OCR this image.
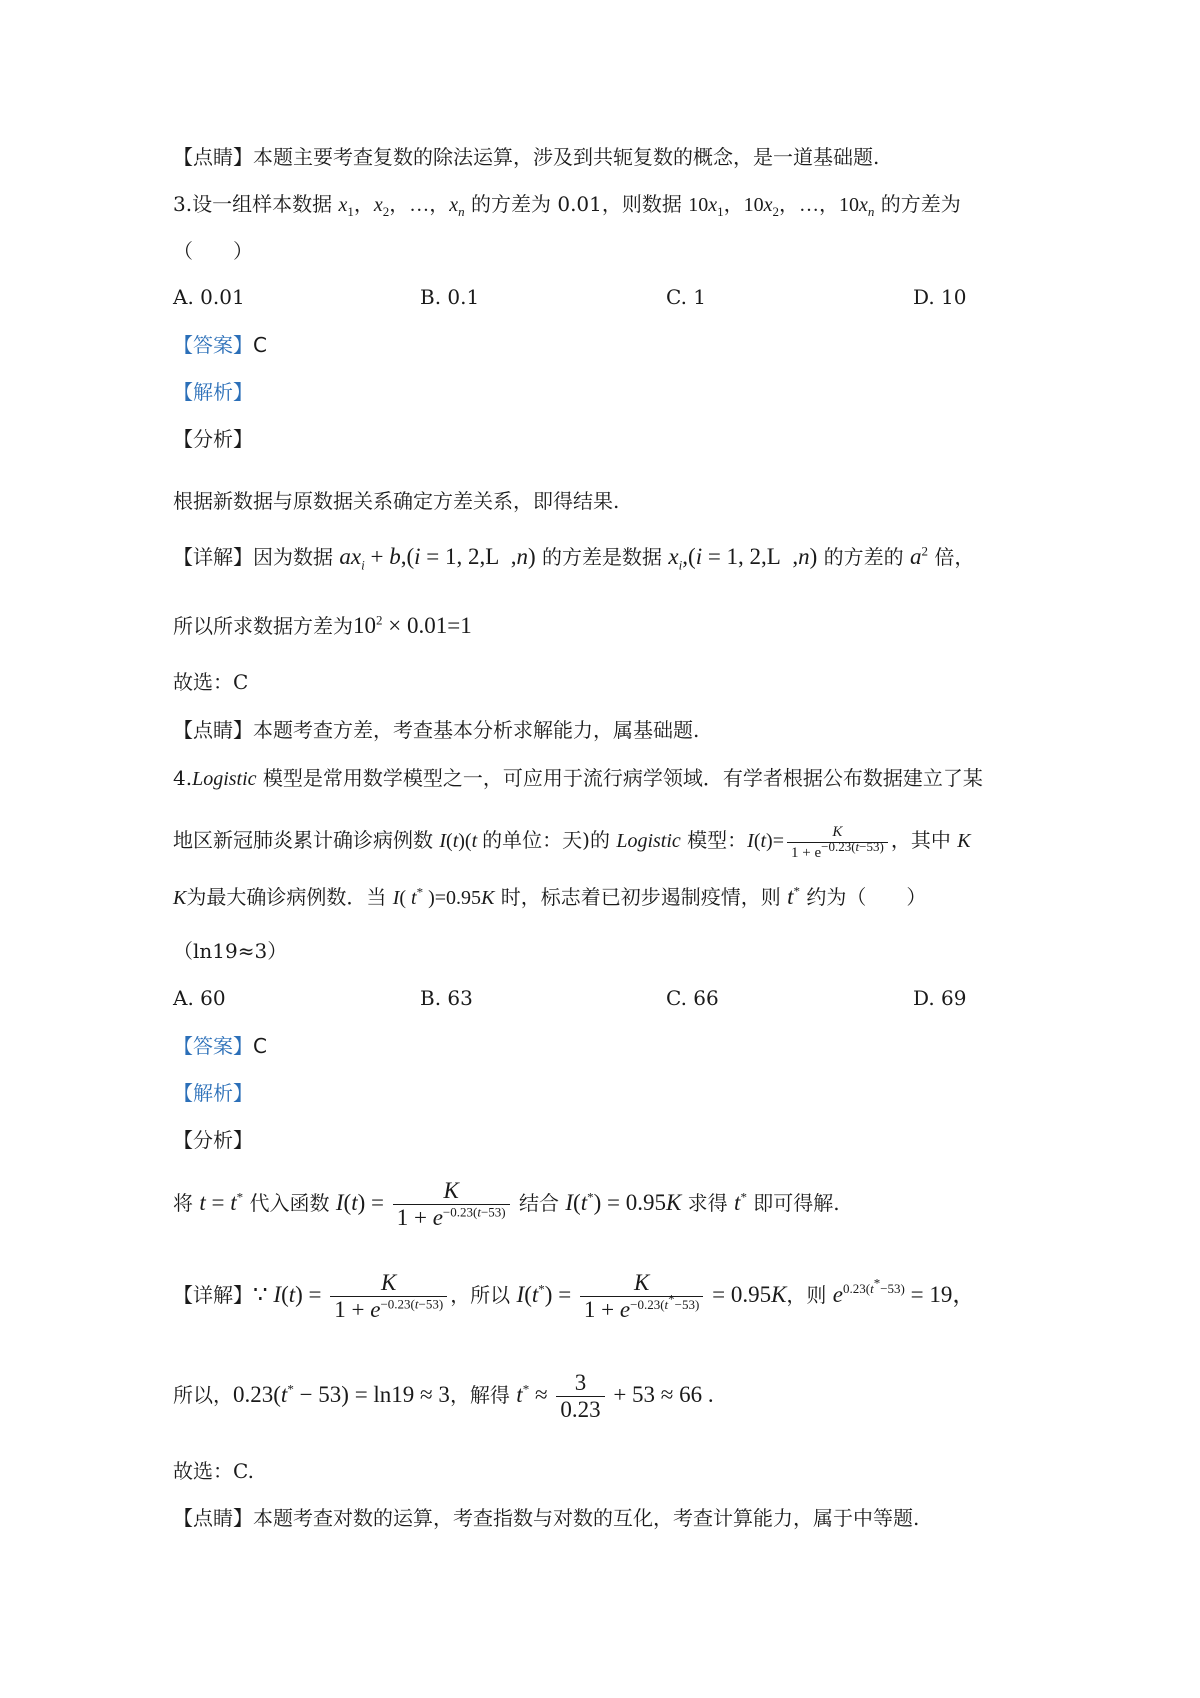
【点睛】本题主要考查复数的除法运算，涉及到共轭复数的概念，是一道基础题.
3.设一组样本数据 $x_1$，$x_2$，…，$x_n$ 的方差为 0.01，则数据 $10x_1$，$10x_2$，…，$10x_n$ 的方差为
（　　）
A. 0.01	B. 0.1	C. 1	D. 10
【答案】C
【解析】
【分析】
根据新数据与原数据关系确定方差关系，即得结果.
【详解】因为数据 $ax_i + b,(i = 1$, 2,L  ,n) 的方差是数据 $x_i,(i = 1$, 2,L  ,n) 的方差的 $a^2$ 倍，
所以所求数据方差为$10^2 \times 0.01=1$
故选：C
【点睛】本题考查方差，考查基本分析求解能力，属基础题.
4.Logistic 模型是常用数学模型之一，可应用于流行病学领域．有学者根据公布数据建立了某
地区新冠肺炎累计确诊病例数 I(t)(t 的单位：天)的 Logistic 模型：$I(t)= \frac{K}{1 + e^{-0.23(t-53)}}$ ，其中 K
K为最大确诊病例数．当 I( t* )=0.95K 时，标志着已初步遏制疫情，则 t* 约为（　　）
（ln19≈3）
A. 60	B. 63	C. 66	D. 69
【答案】C
【解析】
【分析】
将 t = t* 代入函数 $I(t) = \frac{K}{1 + e^{-0.23(t-53)}}$ 结合 I(t*) = 0.95K 求得 t* 即可得解.
【详解】∵ $I(t) = \frac{K}{1 + e^{-0.23(t-53)}}$ ，所以 $I(t^*) = \frac{K}{1 + e^{-0.23(t^*-53)}} = 0.95K$，则 $e^{0.23(t^*-53)} = 19$，
所以，0.23(t* − 53) = ln19 ≈ 3，解得 $t^* \approx \frac{3}{0.23} + 53 \approx 66$ .
故选：C.
【点睛】本题考查对数的运算，考查指数与对数的互化，考查计算能力，属于中等题.
